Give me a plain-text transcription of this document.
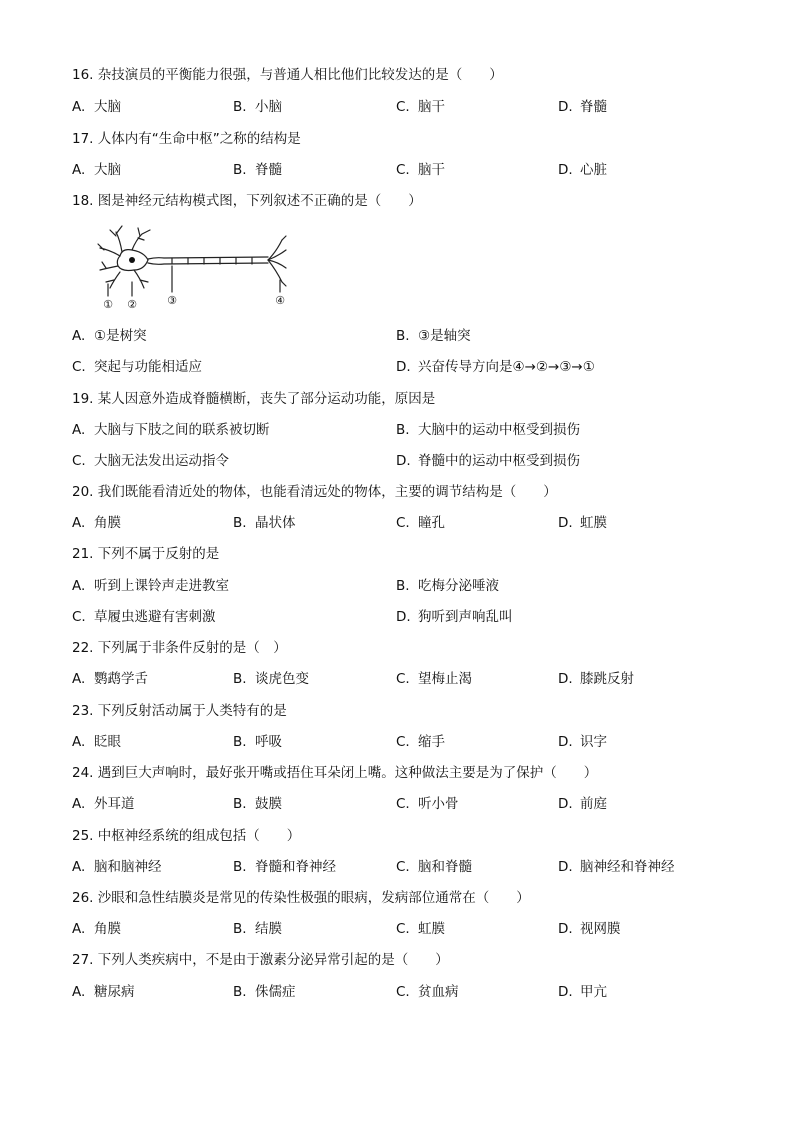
16. 杂技演员的平衡能力很强，与普通人相比他们比较发达的是（　　）
A. 大脑	B. 小脑	C. 脑干	D. 脊髓
17. 人体内有“生命中枢”之称的结构是
A. 大脑	B. 脊髓	C. 脑干	D. 心脏
18. 图是神经元结构模式图，下列叙述不正确的是（　　）
① ②	③	④
A. ①是树突	B. ③是轴突
C. 突起与功能相适应	D. 兴奋传导方向是④→②→③→①
19. 某人因意外造成脊髓横断，丧失了部分运动功能，原因是
A. 大脑与下肢之间的联系被切断	B. 大脑中的运动中枢受到损伤
C. 大脑无法发出运动指令	D. 脊髓中的运动中枢受到损伤
20. 我们既能看清近处的物体，也能看清远处的物体，主要的调节结构是（　　）
A. 角膜	B. 晶状体	C. 瞳孔	D. 虹膜
21. 下列不属于反射的是
A. 听到上课铃声走进教室	B. 吃梅分泌唾液
C. 草履虫逃避有害刺激	D. 狗听到声响乱叫
22. 下列属于非条件反射的是（　）
A. 鹦鹉学舌	B. 谈虎色变	C. 望梅止渴	D. 膝跳反射
23. 下列反射活动属于人类特有的是
A. 眨眼	B. 呼吸	C. 缩手	D. 识字
24. 遇到巨大声响时，最好张开嘴或捂住耳朵闭上嘴。这种做法主要是为了保护（　　）
A. 外耳道	B. 鼓膜	C. 听小骨	D. 前庭
25. 中枢神经系统的组成包括（　　）
A. 脑和脑神经	B. 脊髓和脊神经	C. 脑和脊髓	D. 脑神经和脊神经
26. 沙眼和急性结膜炎是常见的传染性极强的眼病，发病部位通常在（　　）
A. 角膜	B. 结膜	C. 虹膜	D. 视网膜
27. 下列人类疾病中，不是由于激素分泌异常引起的是（　　）
A. 糖尿病	B. 侏儒症	C. 贫血病	D. 甲亢
